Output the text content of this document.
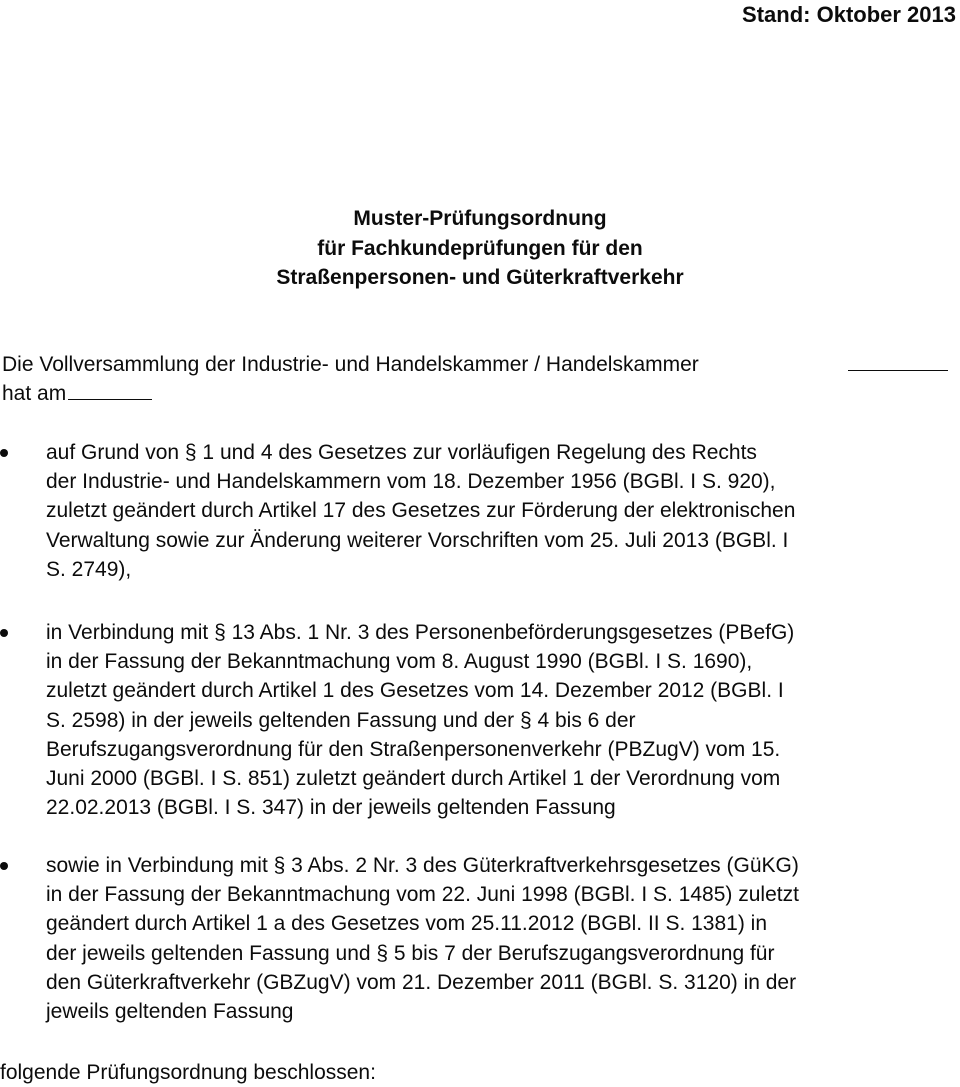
Stand: Oktober 2013
Muster-Prüfungsordnung
für Fachkundeprüfungen für den
Straßenpersonen- und Güterkraftverkehr
Die Vollversammlung der Industrie- und Handelskammer / Handelskammer
hat am
auf Grund von § 1 und 4 des Gesetzes zur vorläufigen Regelung des Rechts
der Industrie- und Handelskammern vom 18. Dezember 1956 (BGBl. I S. 920),
zuletzt geändert durch Artikel 17 des Gesetzes zur Förderung der elektronischen
Verwaltung sowie zur Änderung weiterer Vorschriften vom 25. Juli 2013 (BGBl. I
S. 2749),
in Verbindung mit § 13 Abs. 1 Nr. 3 des Personenbeförderungsgesetzes (PBefG)
in der Fassung der Bekanntmachung vom 8. August 1990 (BGBl. I S. 1690),
zuletzt geändert durch Artikel 1 des Gesetzes vom 14. Dezember 2012 (BGBl. I
S. 2598) in der jeweils geltenden Fassung und der § 4 bis 6 der
Berufszugangsverordnung für den Straßenpersonenverkehr (PBZugV) vom 15.
Juni 2000 (BGBl. I S. 851) zuletzt geändert durch Artikel 1 der Verordnung vom
22.02.2013 (BGBl. I S. 347) in der jeweils geltenden Fassung
sowie in Verbindung mit § 3 Abs. 2 Nr. 3 des Güterkraftverkehrsgesetzes (GüKG)
in der Fassung der Bekanntmachung vom 22. Juni 1998 (BGBl. I S. 1485) zuletzt
geändert durch Artikel 1 a des Gesetzes vom 25.11.2012 (BGBl. II S. 1381) in
der jeweils geltenden Fassung und § 5 bis 7 der Berufszugangsverordnung für
den Güterkraftverkehr (GBZugV) vom 21. Dezember 2011 (BGBl. S. 3120) in der
jeweils geltenden Fassung
folgende Prüfungsordnung beschlossen:
